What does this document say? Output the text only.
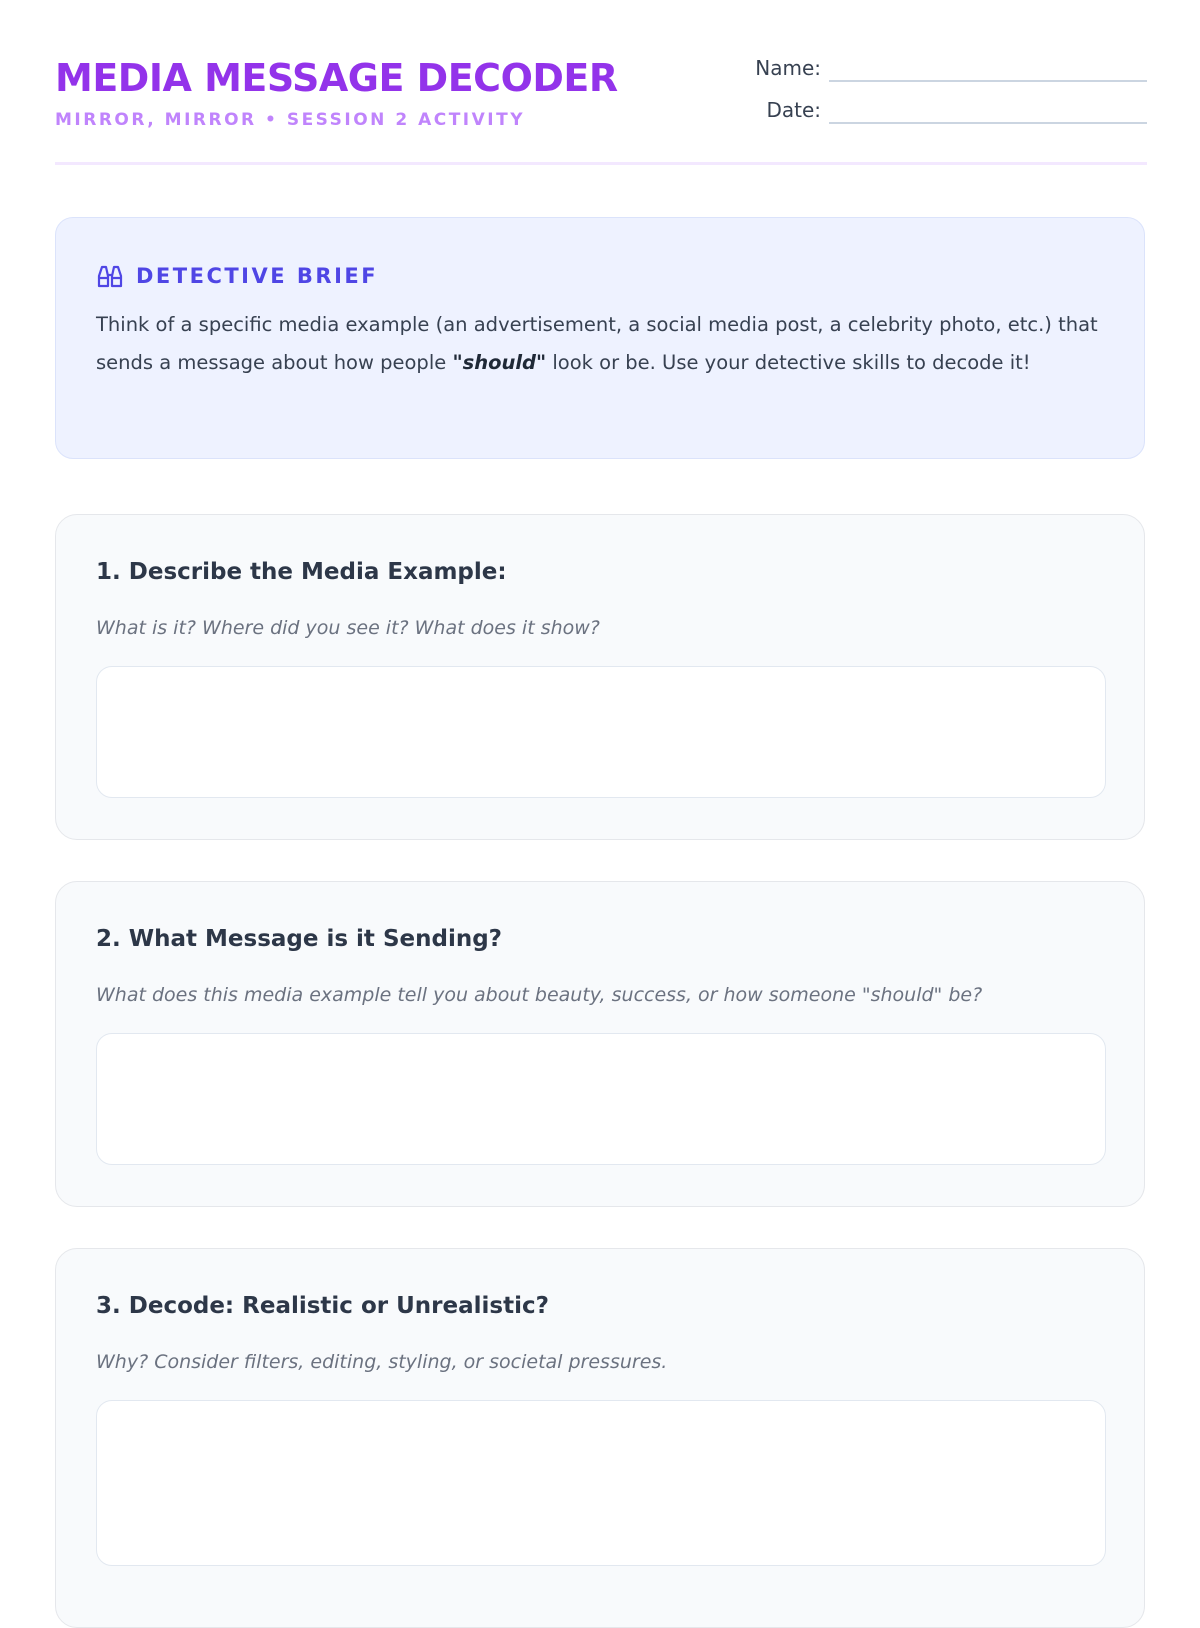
MEDIA MESSAGE DECODER
MIRROR, MIRROR • SESSION 2 ACTIVITY
Name:
Date:
DETECTIVE BRIEF

Think of a specific media example (an advertisement, a social media post, a celebrity photo, etc.) that sends a message about how people "should" look or be. Use your detective skills to decode it!

1. Describe the Media Example:
What is it? Where did you see it? What does it show?
2. What Message is it Sending?
What does this media example tell you about beauty, success, or how someone "should" be?
3. Decode: Realistic or Unrealistic?
Why? Consider filters, editing, styling, or societal pressures.
